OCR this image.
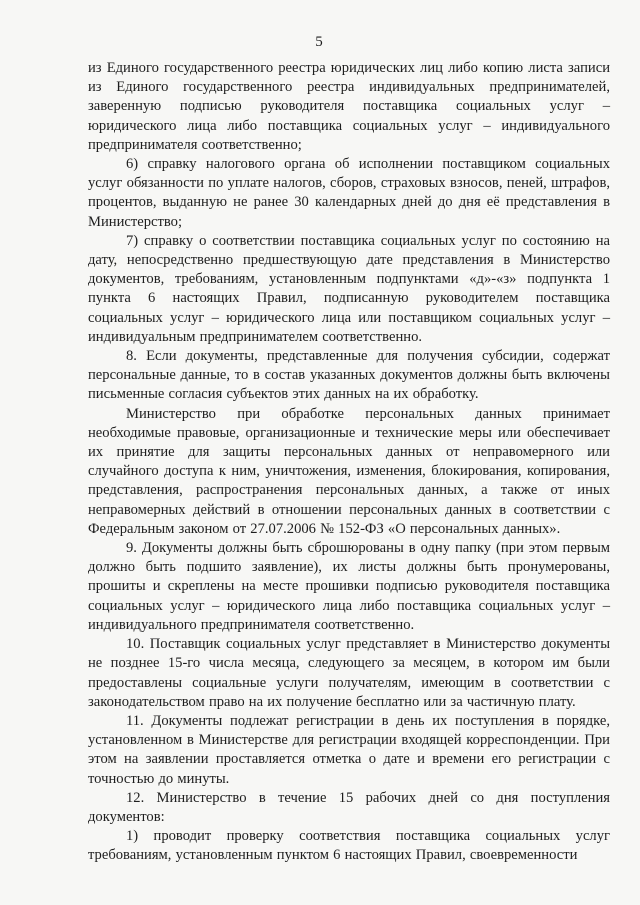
5

из Единого государственного реестра юридических лиц либо копию листа записи из Единого государственного реестра индивидуальных предпринимателей, заверенную подписью руководителя поставщика социальных услуг – юридического лица либо поставщика социальных услуг – индивидуального предпринимателя соответственно;

6) справку налогового органа об исполнении поставщиком социальных услуг обязанности по уплате налогов, сборов, страховых взносов, пеней, штрафов, процентов, выданную не ранее 30 календарных дней до дня её представления в Министерство;

7) справку о соответствии поставщика социальных услуг по состоянию на дату, непосредственно предшествующую дате представления в Министерство документов, требованиям, установленным подпунктами «д»-«з» подпункта 1 пункта 6 настоящих Правил, подписанную руководителем поставщика социальных услуг – юридического лица или поставщиком социальных услуг – индивидуальным предпринимателем соответственно.

8. Если документы, представленные для получения субсидии, содержат персональные данные, то в состав указанных документов должны быть включены письменные согласия субъектов этих данных на их обработку.

Министерство при обработке персональных данных принимает необходимые правовые, организационные и технические меры или обеспечивает их принятие для защиты персональных данных от неправомерного или случайного доступа к ним, уничтожения, изменения, блокирования, копирования, представления, распространения персональных данных, а также от иных неправомерных действий в отношении персональных данных в соответствии с Федеральным законом от 27.07.2006 № 152-ФЗ «О персональных данных».

9. Документы должны быть сброшюрованы в одну папку (при этом первым должно быть подшито заявление), их листы должны быть пронумерованы, прошиты и скреплены на месте прошивки подписью руководителя поставщика социальных услуг – юридического лица либо поставщика социальных услуг – индивидуального предпринимателя соответственно.

10. Поставщик социальных услуг представляет в Министерство документы не позднее 15-го числа месяца, следующего за месяцем, в котором им были предоставлены социальные услуги получателям, имеющим в соответствии с законодательством право на их получение бесплатно или за частичную плату.

11. Документы подлежат регистрации в день их поступления в порядке, установленном в Министерстве для регистрации входящей корреспонденции. При этом на заявлении проставляется отметка о дате и времени его регистрации с точностью до минуты.

12. Министерство в течение 15 рабочих дней со дня поступления документов:

1) проводит проверку соответствия поставщика социальных услуг требованиям, установленным пунктом 6 настоящих Правил, своевременности
